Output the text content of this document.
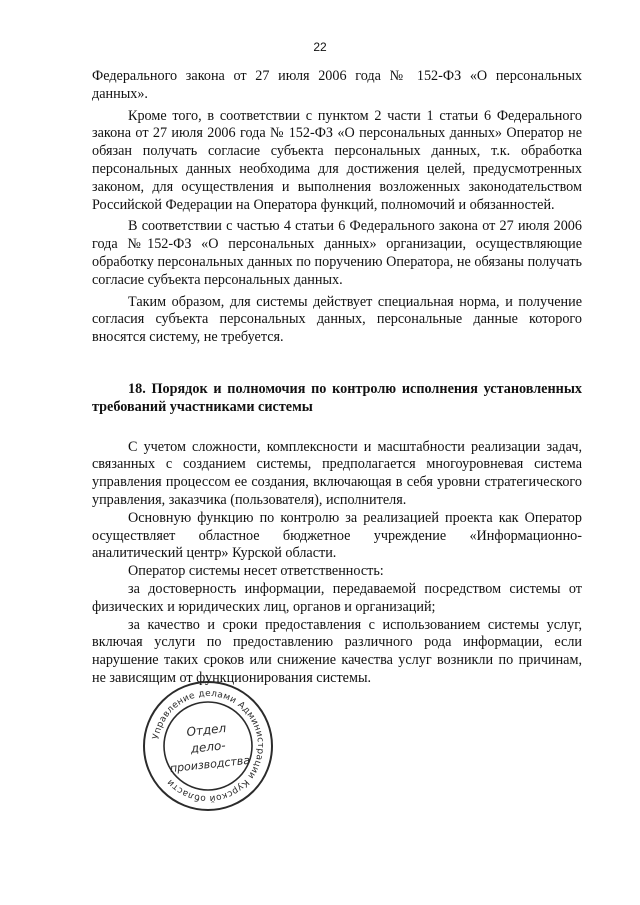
22

Федерального закона от 27 июля 2006 года № 152-ФЗ «О персональных данных».

Кроме того, в соответствии с пунктом 2 части 1 статьи 6 Федерального закона от 27 июля 2006 года № 152-ФЗ «О персональных данных» Оператор не обязан получать согласие субъекта персональных данных, т.к. обработка персональных данных необходима для достижения целей, предусмотренных законом, для осуществления и выполнения возложенных законодательством Российской Федерации на Оператора функций, полномочий и обязанностей.

В соответствии с частью 4 статьи 6 Федерального закона от 27 июля 2006 года №152-ФЗ «О персональных данных» организации, осуществляющие обработку персональных данных по поручению Оператора, не обязаны получать согласие субъекта персональных данных.

Таким образом, для системы действует специальная норма, и получение согласия субъекта персональных данных, персональные данные которого вносятся систему, не требуется.

18. Порядок и полномочия по контролю исполнения установленных требований участниками системы

С учетом сложности, комплексности и масштабности реализации задач, связанных с созданием системы, предполагается многоуровневая система управления процессом ее создания, включающая в себя уровни стратегического управления, заказчика (пользователя), исполнителя.

Основную функцию по контролю за реализацией проекта как Оператор осуществляет областное бюджетное учреждение «Информационно-аналитический центр» Курской области.

Оператор системы несет ответственность:

за достоверность информации, передаваемой посредством системы от физических и юридических лиц, органов и организаций;

за качество и сроки предоставления с использованием системы услуг, включая услуги по предоставлению различного рода информации, если нарушение таких сроков или снижение качества услуг возникли по причинам, не зависящим от функционирования системы.

Управление делами Администрации Курской области
Отдел
дело-
производства
